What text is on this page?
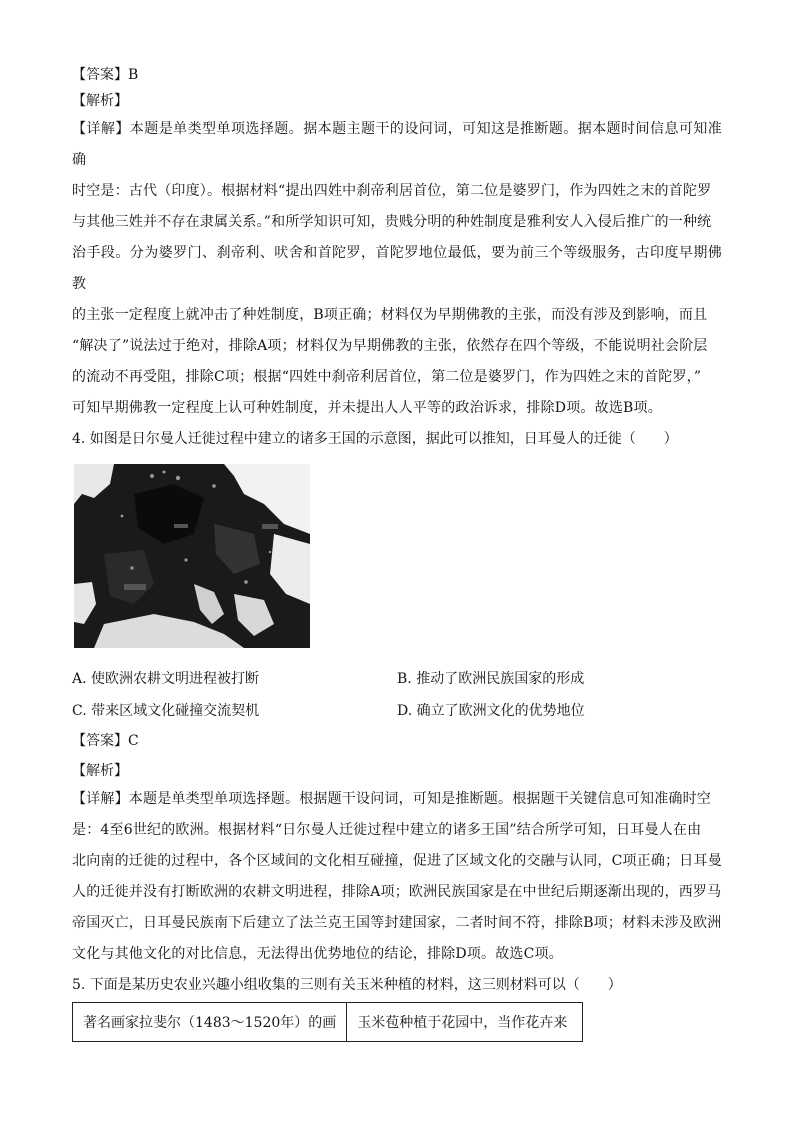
【答案】B
【解析】
【详解】本题是单类型单项选择题。据本题主题干的设问词，可知这是推断题。据本题时间信息可知准确
时空是：古代（印度）。根据材料“提出四姓中刹帝利居首位，第二位是婆罗门，作为四姓之末的首陀罗
与其他三姓并不存在隶属关系。”和所学知识可知，贵贱分明的种姓制度是雅利安人入侵后推广的一种统
治手段。分为婆罗门、刹帝利、吠舍和首陀罗，首陀罗地位最低，要为前三个等级服务，古印度早期佛教
的主张一定程度上就冲击了种姓制度，B项正确；材料仅为早期佛教的主张，而没有涉及到影响，而且
“解决了”说法过于绝对，排除A项；材料仅为早期佛教的主张，依然存在四个等级，不能说明社会阶层
的流动不再受阻，排除C项；根据“四姓中刹帝利居首位，第二位是婆罗门，作为四姓之末的首陀罗，”
可知早期佛教一定程度上认可种姓制度，并未提出人人平等的政治诉求，排除D项。故选B项。
4. 如图是日尔曼人迁徙过程中建立的诸多王国的示意图，据此可以推知，日耳曼人的迁徙（　　）
A. 使欧洲农耕文明进程被打断	B. 推动了欧洲民族国家的形成
C. 带来区域文化碰撞交流契机	D. 确立了欧洲文化的优势地位
【答案】C
【解析】
【详解】本题是单类型单项选择题。根据题干设问词，可知是推断题。根据题干关键信息可知准确时空
是：4至6世纪的欧洲。根据材料“日尔曼人迁徙过程中建立的诸多王国”结合所学可知，日耳曼人在由
北向南的迁徙的过程中，各个区域间的文化相互碰撞，促进了区域文化的交融与认同，C项正确；日耳曼
人的迁徙并没有打断欧洲的农耕文明进程，排除A项；欧洲民族国家是在中世纪后期逐渐出现的，西罗马
帝国灭亡，日耳曼民族南下后建立了法兰克王国等封建国家，二者时间不符，排除B项；材料未涉及欧洲
文化与其他文化的对比信息，无法得出优势地位的结论，排除D项。故选C项。
5. 下面是某历史农业兴趣小组收集的三则有关玉米种植的材料，这三则材料可以（　　）
著名画家拉斐尔（1483～1520年）的画	玉米苞种植于花园中，当作花卉来
